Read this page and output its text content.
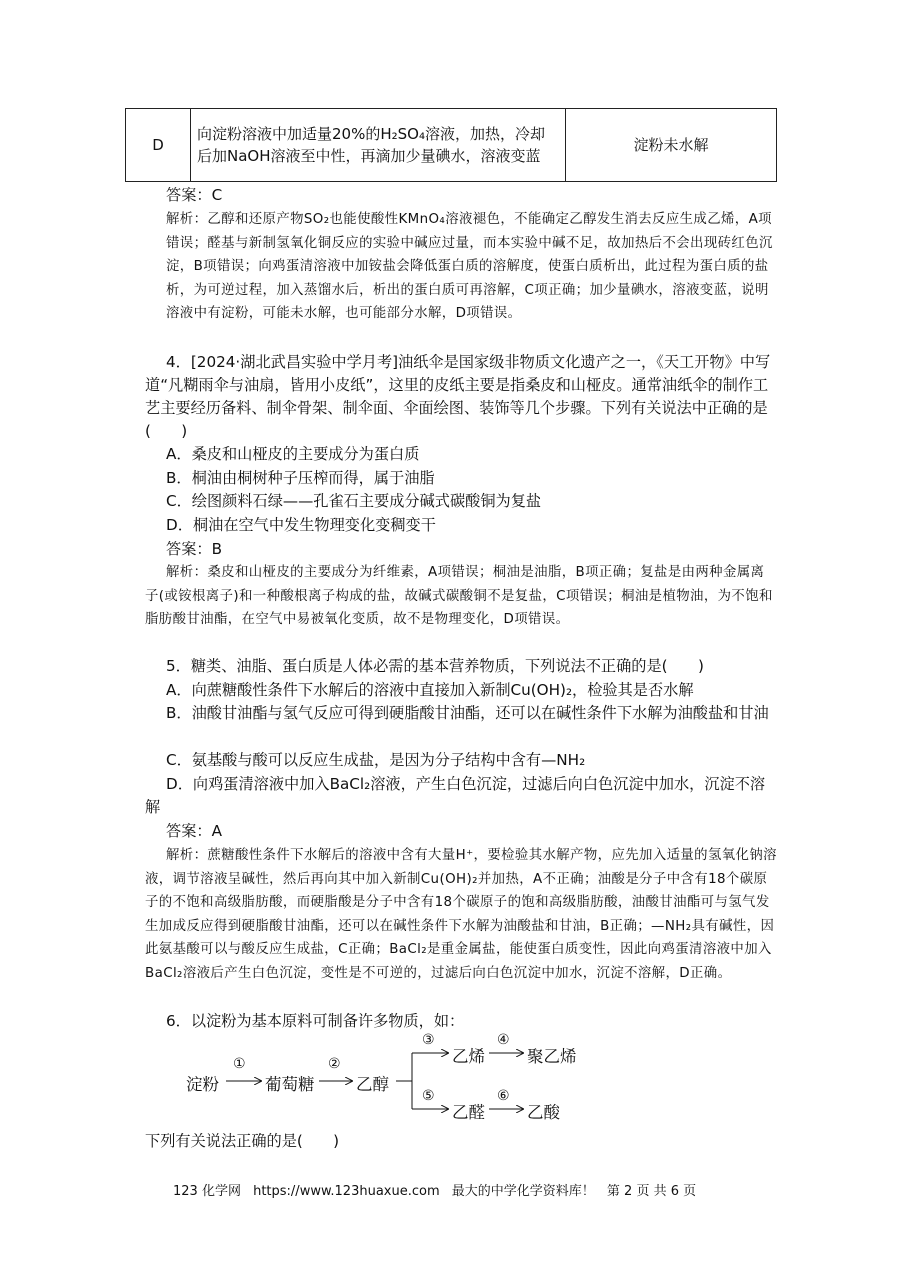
D	向淀粉溶液中加适量20%的H₂SO₄溶液，加热，冷却后加NaOH溶液至中性，再滴加少量碘水，溶液变蓝	淀粉未水解

答案：C

解析：乙醇和还原产物SO₂也能使酸性KMnO₄溶液褪色，不能确定乙醇发生消去反应生成乙烯，A项错误；醛基与新制氢氧化铜反应的实验中碱应过量，而本实验中碱不足，故加热后不会出现砖红色沉淀，B项错误；向鸡蛋清溶液中加铵盐会降低蛋白质的溶解度，使蛋白质析出，此过程为蛋白质的盐析，为可逆过程，加入蒸馏水后，析出的蛋白质可再溶解，C项正确；加少量碘水，溶液变蓝，说明溶液中有淀粉，可能未水解，也可能部分水解，D项错误。

4．[2024·湖北武昌实验中学月考]油纸伞是国家级非物质文化遗产之一，《天工开物》中写道“凡糊雨伞与油扇，皆用小皮纸”，这里的皮纸主要是指桑皮和山桠皮。通常油纸伞的制作工艺主要经历备料、制伞骨架、制伞面、伞面绘图、装饰等几个步骤。下列有关说法中正确的是(　　)

A．桑皮和山桠皮的主要成分为蛋白质

B．桐油由桐树种子压榨而得，属于油脂

C．绘图颜料石绿——孔雀石主要成分碱式碳酸铜为复盐

D．桐油在空气中发生物理变化变稠变干

答案：B

解析：桑皮和山桠皮的主要成分为纤维素，A项错误；桐油是油脂，B项正确；复盐是由两种金属离子(或铵根离子)和一种酸根离子构成的盐，故碱式碳酸铜不是复盐，C项错误；桐油是植物油，为不饱和脂肪酸甘油酯，在空气中易被氧化变质，故不是物理变化，D项错误。

5．糖类、油脂、蛋白质是人体必需的基本营养物质，下列说法不正确的是(　　)

A．向蔗糖酸性条件下水解后的溶液中直接加入新制Cu(OH)₂，检验其是否水解

B．油酸甘油酯与氢气反应可得到硬脂酸甘油酯，还可以在碱性条件下水解为油酸盐和甘油

C．氨基酸与酸可以反应生成盐，是因为分子结构中含有—NH₂

D．向鸡蛋清溶液中加入BaCl₂溶液，产生白色沉淀，过滤后向白色沉淀中加水，沉淀不溶解

答案：A

解析：蔗糖酸性条件下水解后的溶液中含有大量H⁺，要检验其水解产物，应先加入适量的氢氧化钠溶液，调节溶液呈碱性，然后再向其中加入新制Cu(OH)₂并加热，A不正确；油酸是分子中含有18个碳原子的不饱和高级脂肪酸，而硬脂酸是分子中含有18个碳原子的饱和高级脂肪酸，油酸甘油酯可与氢气发生加成反应得到硬脂酸甘油酯，还可以在碱性条件下水解为油酸盐和甘油，B正确；—NH₂具有碱性，因此氨基酸可以与酸反应生成盐，C正确；BaCl₂是重金属盐，能使蛋白质变性，因此向鸡蛋清溶液中加入BaCl₂溶液后产生白色沉淀，变性是不可逆的，过滤后向白色沉淀中加水，沉淀不溶解，D正确。

6．以淀粉为基本原料可制备许多物质，如：

淀粉
①
葡萄糖
②
乙醇
③
乙烯
④
聚乙烯
⑤
乙醛
⑥
乙酸

下列有关说法正确的是(　　)

123 化学网 https://www.123huaxue.com 最大的中学化学资料库！ 第 2 页 共 6 页
